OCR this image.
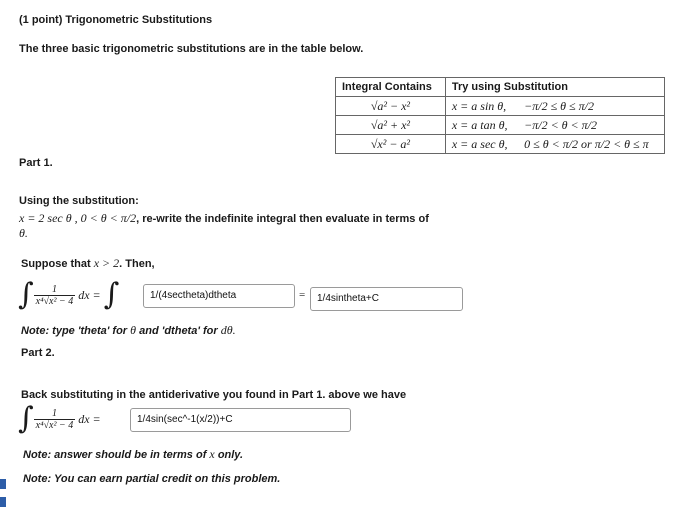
(1 point) Trigonometric Substitutions
The three basic trigonometric substitutions are in the table below.
Integral Contains	Try using Substitution	
√a² − x²	x = a sin θ,	−π/2 ≤ θ ≤ π/2
√a² + x²	x = a tan θ,	−π/2 < θ < π/2
√x² − a²	x = a sec θ,	0 ≤ θ < π/2 or π/2 < θ ≤ π
Part 1.
Using the substitution:
x = 2 sec θ , 0 < θ < π/2, re-write the indefinite integral then evaluate in terms of
θ.
Suppose that x > 2. Then,
∫ $\frac{1}{\text{x⁴√x² − 4}}$ dx = ∫	1/(4sectheta)dtheta	=	1/4sintheta+C
Note: type 'theta' for θ and 'dtheta' for dθ.
Part 2.
Back substituting in the antiderivative you found in Part 1. above we have
∫ $\frac{1}{\text{x⁴√x² − 4}}$ dx =	1/4sin(sec^-1(x/2))+C
Note: answer should be in terms of x only.
Note: You can earn partial credit on this problem.
